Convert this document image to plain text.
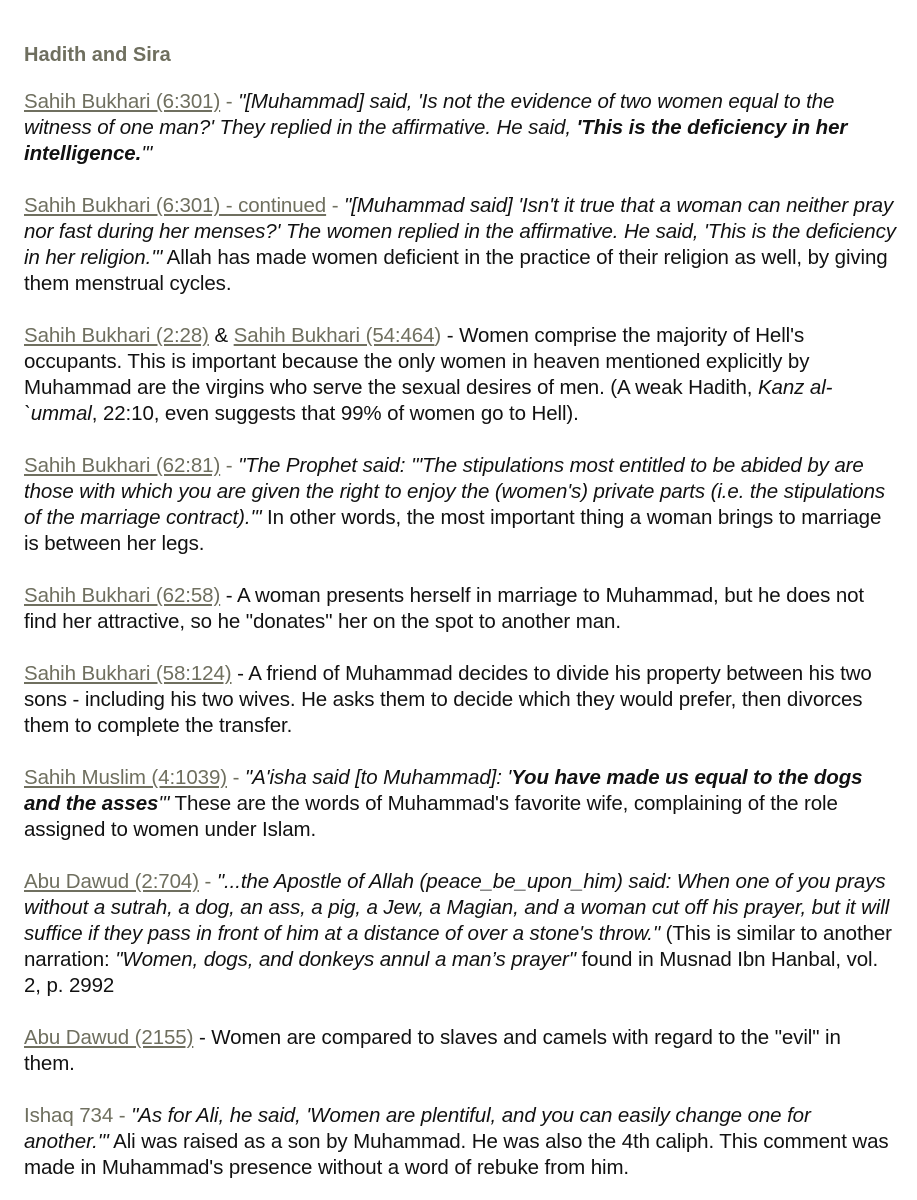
Hadith and Sira

Sahih Bukhari (6:301) - "[Muhammad] said, 'Is not the evidence of two women equal to the witness of one man?' They replied in the affirmative. He said, 'This is the deficiency in her intelligence.'"

Sahih Bukhari (6:301) - continued - "[Muhammad said] 'Isn't it true that a woman can neither pray nor fast during her menses?' The women replied in the affirmative. He said, 'This is the deficiency in her religion.'" Allah has made women deficient in the practice of their religion as well, by giving them menstrual cycles.

Sahih Bukhari (2:28) & Sahih Bukhari (54:464) - Women comprise the majority of Hell's occupants. This is important because the only women in heaven mentioned explicitly by Muhammad are the virgins who serve the sexual desires of men. (A weak Hadith, Kanz al-`ummal, 22:10, even suggests that 99% of women go to Hell).

Sahih Bukhari (62:81) - "The Prophet said: '"The stipulations most entitled to be abided by are those with which you are given the right to enjoy the (women's) private parts (i.e. the stipulations of the marriage contract).'" In other words, the most important thing a woman brings to marriage is between her legs.

Sahih Bukhari (62:58) - A woman presents herself in marriage to Muhammad, but he does not find her attractive, so he "donates" her on the spot to another man.

Sahih Bukhari (58:124) - A friend of Muhammad decides to divide his property between his two sons - including his two wives. He asks them to decide which they would prefer, then divorces them to complete the transfer.

Sahih Muslim (4:1039) - "A'isha said [to Muhammad]: 'You have made us equal to the dogs and the asses'" These are the words of Muhammad's favorite wife, complaining of the role assigned to women under Islam.

Abu Dawud (2:704) - "...the Apostle of Allah (peace_be_upon_him) said: When one of you prays without a sutrah, a dog, an ass, a pig, a Jew, a Magian, and a woman cut off his prayer, but it will suffice if they pass in front of him at a distance of over a stone's throw." (This is similar to another narration: "Women, dogs, and donkeys annul a man’s prayer" found in Musnad Ibn Hanbal, vol. 2, p. 2992

Abu Dawud (2155) - Women are compared to slaves and camels with regard to the "evil" in them.

Ishaq 734 - "As for Ali, he said, 'Women are plentiful, and you can easily change one for another.'" Ali was raised as a son by Muhammad. He was also the 4th caliph. This comment was made in Muhammad's presence without a word of rebuke from him.
